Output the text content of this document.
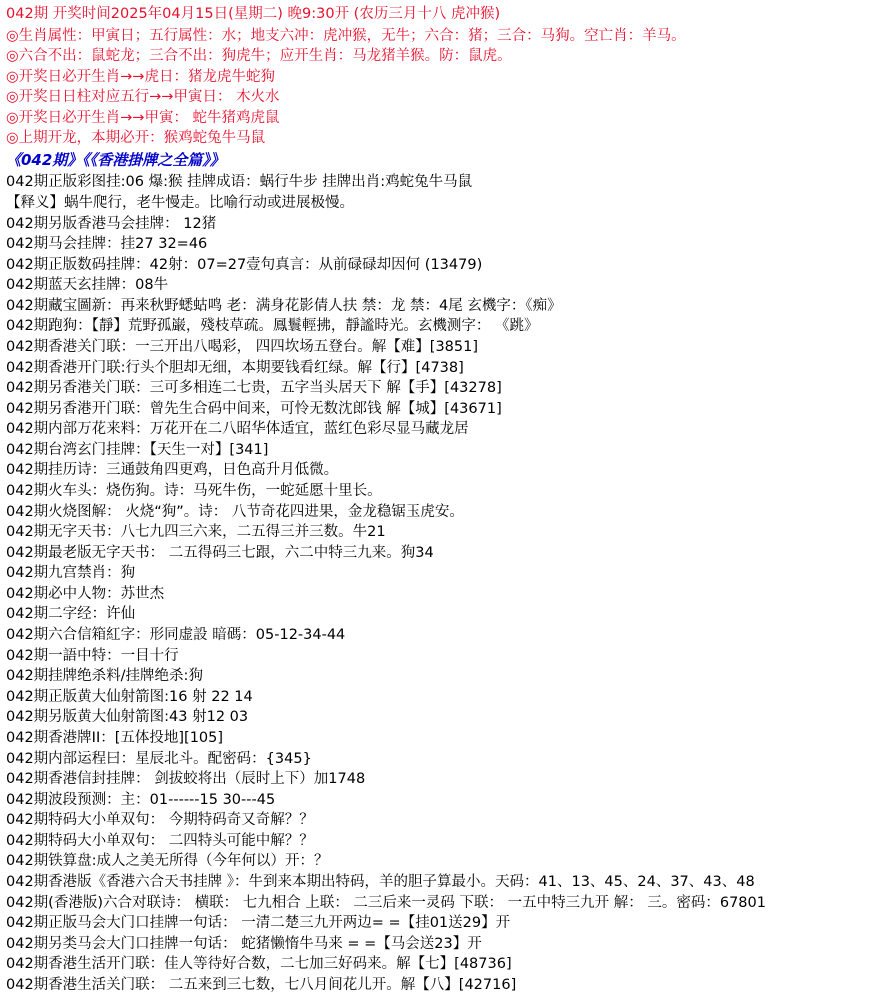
042期 开奖时间2025年04月15日(星期二) 晚9:30开 (农历三月十八 虎冲猴)
◎生肖属性：甲寅日；五行属性：水；地支六冲：虎冲猴，无牛；六合：猪；三合：马狗。空亡肖：羊马。
◎六合不出：鼠蛇龙；三合不出：狗虎牛；应开生肖：马龙猪羊猴。防：鼠虎。
◎开奖日必开生肖→→虎日：猪龙虎牛蛇狗
◎开奖日日柱对应五行→→甲寅日： 木火水
◎开奖日必开生肖→→甲寅： 蛇牛猪鸡虎鼠
◎上期开龙，本期必开：猴鸡蛇兔牛马鼠
《042期》《《香港掛牌之全篇》》
042期正版彩图挂:06 爆:猴 挂牌成语：蜗行牛步 挂牌出肖:鸡蛇兔牛马鼠
【释义】蜗牛爬行，老牛慢走。比喻行动或进展极慢。
042期另版香港马会挂牌： 12猪
042期马会挂牌：挂27 32=46
042期正版数码挂牌：42射：07=27壹句真言：从前碌碌却因何 (13479)
042期蓝天玄挂牌：08牛
042期藏宝圖新：再来秋野蟋蛄鸣 老：满身花影倩人扶 禁：龙 禁：4尾 玄機字：《痴》
042期跑狗：【靜】荒野孤巌，殘枝草疏。鳳鬟輕拂，靜謐時光。玄機测字： 《跳》
042期香港关门联：一三开出八喝彩， 四四坎场五登台。解【难】[3851]
042期香港开门联:行头个胆却无细，本期要钱看红绿。解【行】[4738]
042期另香港关门联：三可多相连二七贵，五字当头居天下 解【手】[43278]
042期另香港开门联：曾先生合码中间来，可怜无数沈郎钱 解【城】[43671]
042期内部万花来料：万花开在二八昭华体适宜，蓝红色彩尽显马藏龙居
042期台湾玄门挂牌：【天生一对】[341]
042期挂历诗：三通鼓角四更鸡，日色高升月低微。
042期火车头：烧伤狗。诗：马死牛伤，一蛇延愿十里长。
042期火烧图解： 火烧“狗”。诗： 八节奇花四进果，金龙稳锯玉虎安。
042期无字天书：八七九四三六来，二五得三并三数。牛21
042期最老版无字天书： 二五得码三七跟，六二中特三九来。狗34
042期九宫禁肖：狗
042期必中人物：苏世杰
042期二字经：许仙
042期六合信箱紅字：形同虚設 暗碼：05-12-34-44
042期一語中特：一目十行
042期挂牌绝杀料/挂牌绝杀:狗
042期正版黄大仙射箭图:16 射 22 14
042期另版黄大仙射箭图:43 射12 03
042期香港牌II：[五体投地][105]
042期内部运程曰：星辰北斗。配密码：{345}
042期香港信封挂牌： 剑拔蛟将出（辰时上下）加1748
042期波段预测：主：01------15 30---45
042期特码大小单双句： 今期特码奇又奇解？？
042期特码大小单双句： 二四特头可能中解？？
042期铁算盘:成人之美无所得（今年何以）开：？
042期香港版《香港六合天书挂牌 》：牛到来本期出特码，羊的胆子算最小。天码：41、13、45、24、37、43、48
042期(香港版)六合对联诗： 横联： 七九相合 上联： 二三后来一灵码 下联： 一五中特三九开 解： 三。密码：67801
042期正版马会大门口挂牌一句话： 一清二楚三九开两边= =【挂01送29】开
042期另类马会大门口挂牌一句话： 蛇猪懒惰牛马来 = =【马会送23】开
042期香港生活开门联：佳人等待好合数，二七加三好码来。解【七】[48736]
042期香港生活关门联： 二五来到三七数，七八月间花儿开。解【八】[42716]
